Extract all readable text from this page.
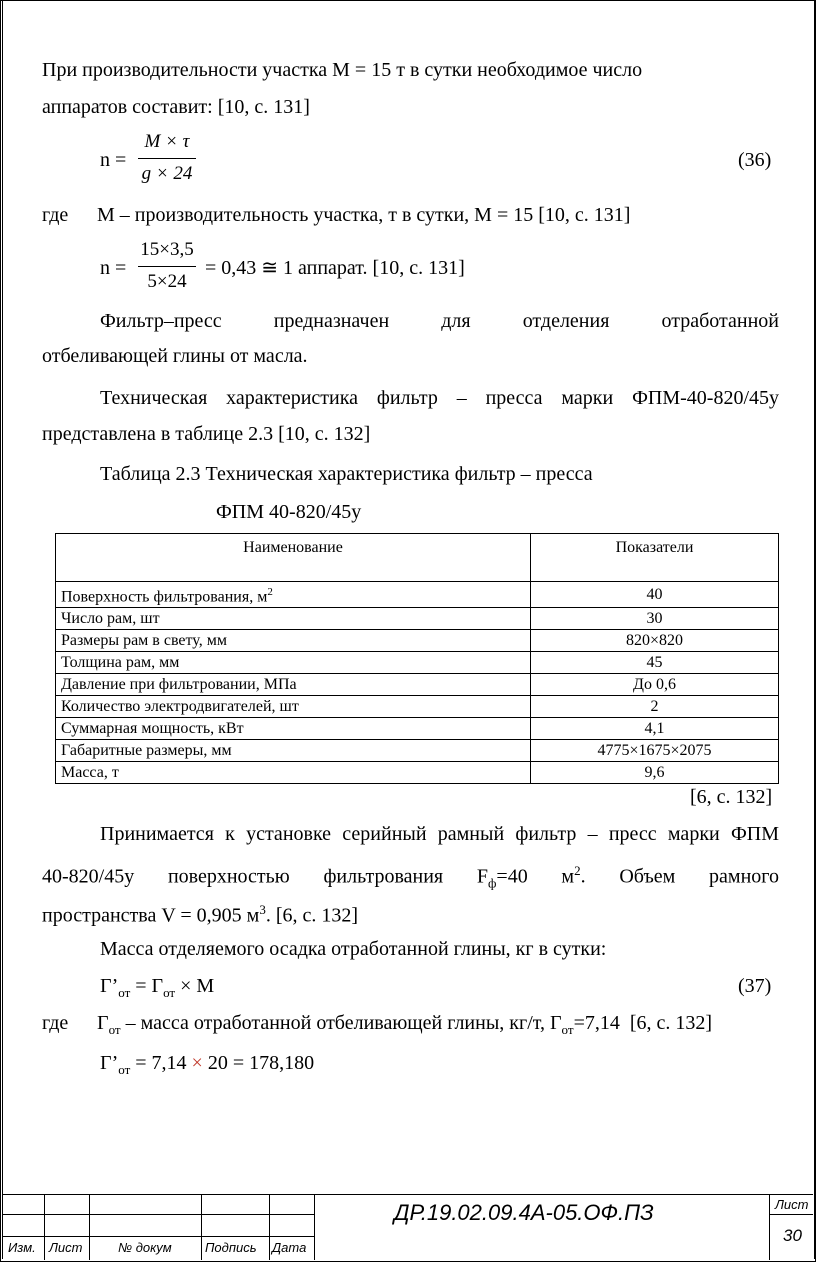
При производительности участка М = 15 т в сутки необходимое число
аппаратов составит: [10, с. 131]
n =
M × τ
g × 24
(36)
где М – производительность участка, т в сутки, М = 15 [10, с. 131]
n =
15×3,5
5×24
= 0,43 ≅ 1 аппарат. [10, с. 131]
Фильтр–пресс предназначен для отделения отработанной
отбеливающей глины от масла.
Техническая характеристика фильтр – пресса марки ФПМ-40-820/45у
представлена в таблице 2.3 [10, с. 132]
Таблица 2.3 Техническая характеристика фильтр – пресса
ФПМ 40-820/45у
Наименование	Показатели
Поверхность фильтрования, $м^2$	40
Число рам, шт	30
Размеры рам в свету, мм	820×820
Толщина рам, мм	45
Давление при фильтровании, МПа	До 0,6
Количество электродвигателей, шт	2
Суммарная мощность, кВт	4,1
Габаритные размеры, мм	4775×1675×2075
Масса, т	9,6
[6, с. 132]
Принимается к установке серийный рамный фильтр – пресс марки ФПМ
40-820/45у поверхностью фильтрования $F_ф=40$ $м^2$. Объем рамного
пространства V = 0,905 $м^3$. [6, с. 132]
Масса отделяемого осадка отработанной глины, кг в сутки:
$Г’_{от} = Г_{от} \times М$	(37)
где $Г_{от}$ – масса отработанной отбеливающей глины, кг/т, $Г_{от}=7,14$  [6, с. 132]
$Г’_{от} = 7,14 \times 20 = 178,180$
Изм. Лист	№ докум	Подпись Дата
ДР.19.02.09.4А-05.ОФ.ПЗ	Лист
30
